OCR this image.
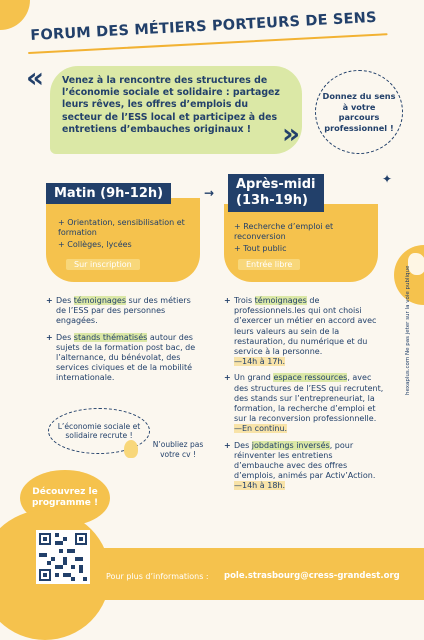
FORUM DES MÉTIERS PORTEURS DE SENS
«	Venez à la rencontre des structures de l’économie sociale et solidaire : partagez leurs rêves, les offres d’emplois du secteur de l’ESS local et participez à des entretiens d’embauches originaux !	»
Donnez du sens à votre parcours professionnel !
Matin (9h-12h)
+ Orientation, sensibilisation et formation
+ Collèges, lycées
Sur inscription
Après-midi
(13h-19h)
+ Recherche d’emploi et reconversion
+ Tout public
Entrée libre
→
✦
+ Des témoignages sur des métiers de l’ESS par des personnes engagées.
+ Des stands thématisés autour des sujets de la formation post bac, de l’alternance, du bénévolat, des services civiques et de la mobilité internationale.
+ Trois témoignages de professionnels.les qui ont choisi d’exercer un métier en accord avec leurs valeurs au sein de la restauration, du numérique et du service à la personne.
—14h à 17h.
+ Un grand espace ressources, avec des structures de l’ESS qui recrutent, des stands sur l’entrepreneuriat, la formation, la recherche d’emploi et sur la reconversion professionnelle.
—En continu.
+ Des jobdatings inversés, pour réinventer les entretiens d’embauche avec des offres d’emplois, animés par Activ’Action.
—14h à 18h.
hexaplus.com Ne pas jeter sur la voie publique
L’économie sociale et solidaire recrute !
N’oubliez pas votre cv !
Découvrez le programme !
Pour plus d’informations : pole.strasbourg@cress-grandest.org
